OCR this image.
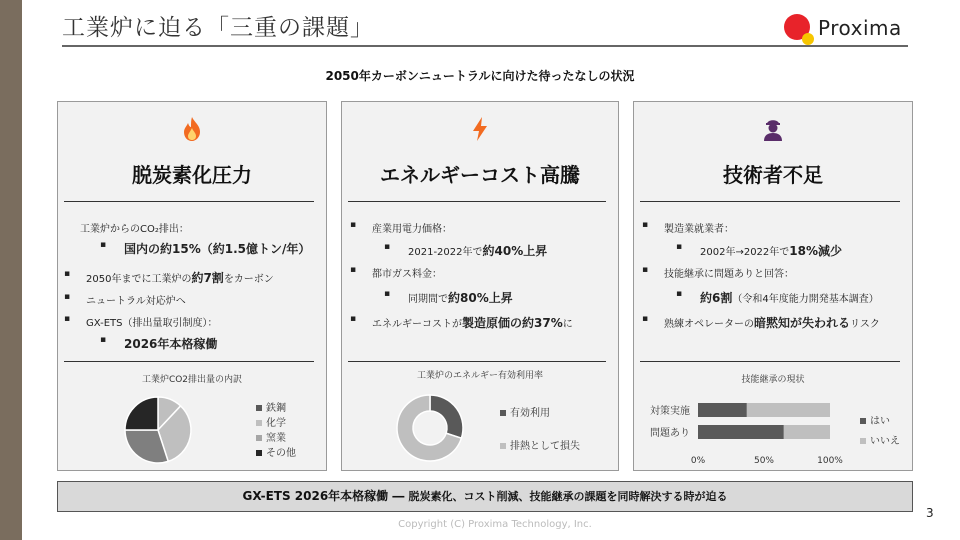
工業炉に迫る「三重の課題」	Proxima
2050年カーボンニュートラルに向けた待ったなしの状況
脱炭素化圧力
工業炉からのCO₂排出：
▪ 国内の約15%（約1.5億トン/年）
▪ 2050年までに工業炉の約7割をカーボン
▪ ニュートラル対応炉へ
▪ GX-ETS（排出量取引制度）：
▪ 2026年本格稼働
工業炉CO2排出量の内訳
鉄鋼
化学
窯業
その他
エネルギーコスト高騰
▪ 産業用電力価格：
▪ 2021-2022年で約40%上昇
▪ 都市ガス料金：
▪ 同期間で約80%上昇
▪ エネルギーコストが製造原価の約37%に
工業炉のエネルギー有効利用率
有効利用
排熱として損失
技術者不足
▪ 製造業就業者：
▪ 2002年→2022年で18%減少
▪ 技能継承に問題ありと回答：
▪ 約6割（令和4年度能力開発基本調査）
▪ 熟練オペレーターの暗黙知が失われるリスク
技能継承の現状
対策実施
問題あり
0%	50%	100%
はい
いいえ
GX-ETS 2026年本格稼働 ― 脱炭素化、コスト削減、技能継承の課題を同時解決する時が迫る
3
Copyright (C) Proxima Technology, Inc.
